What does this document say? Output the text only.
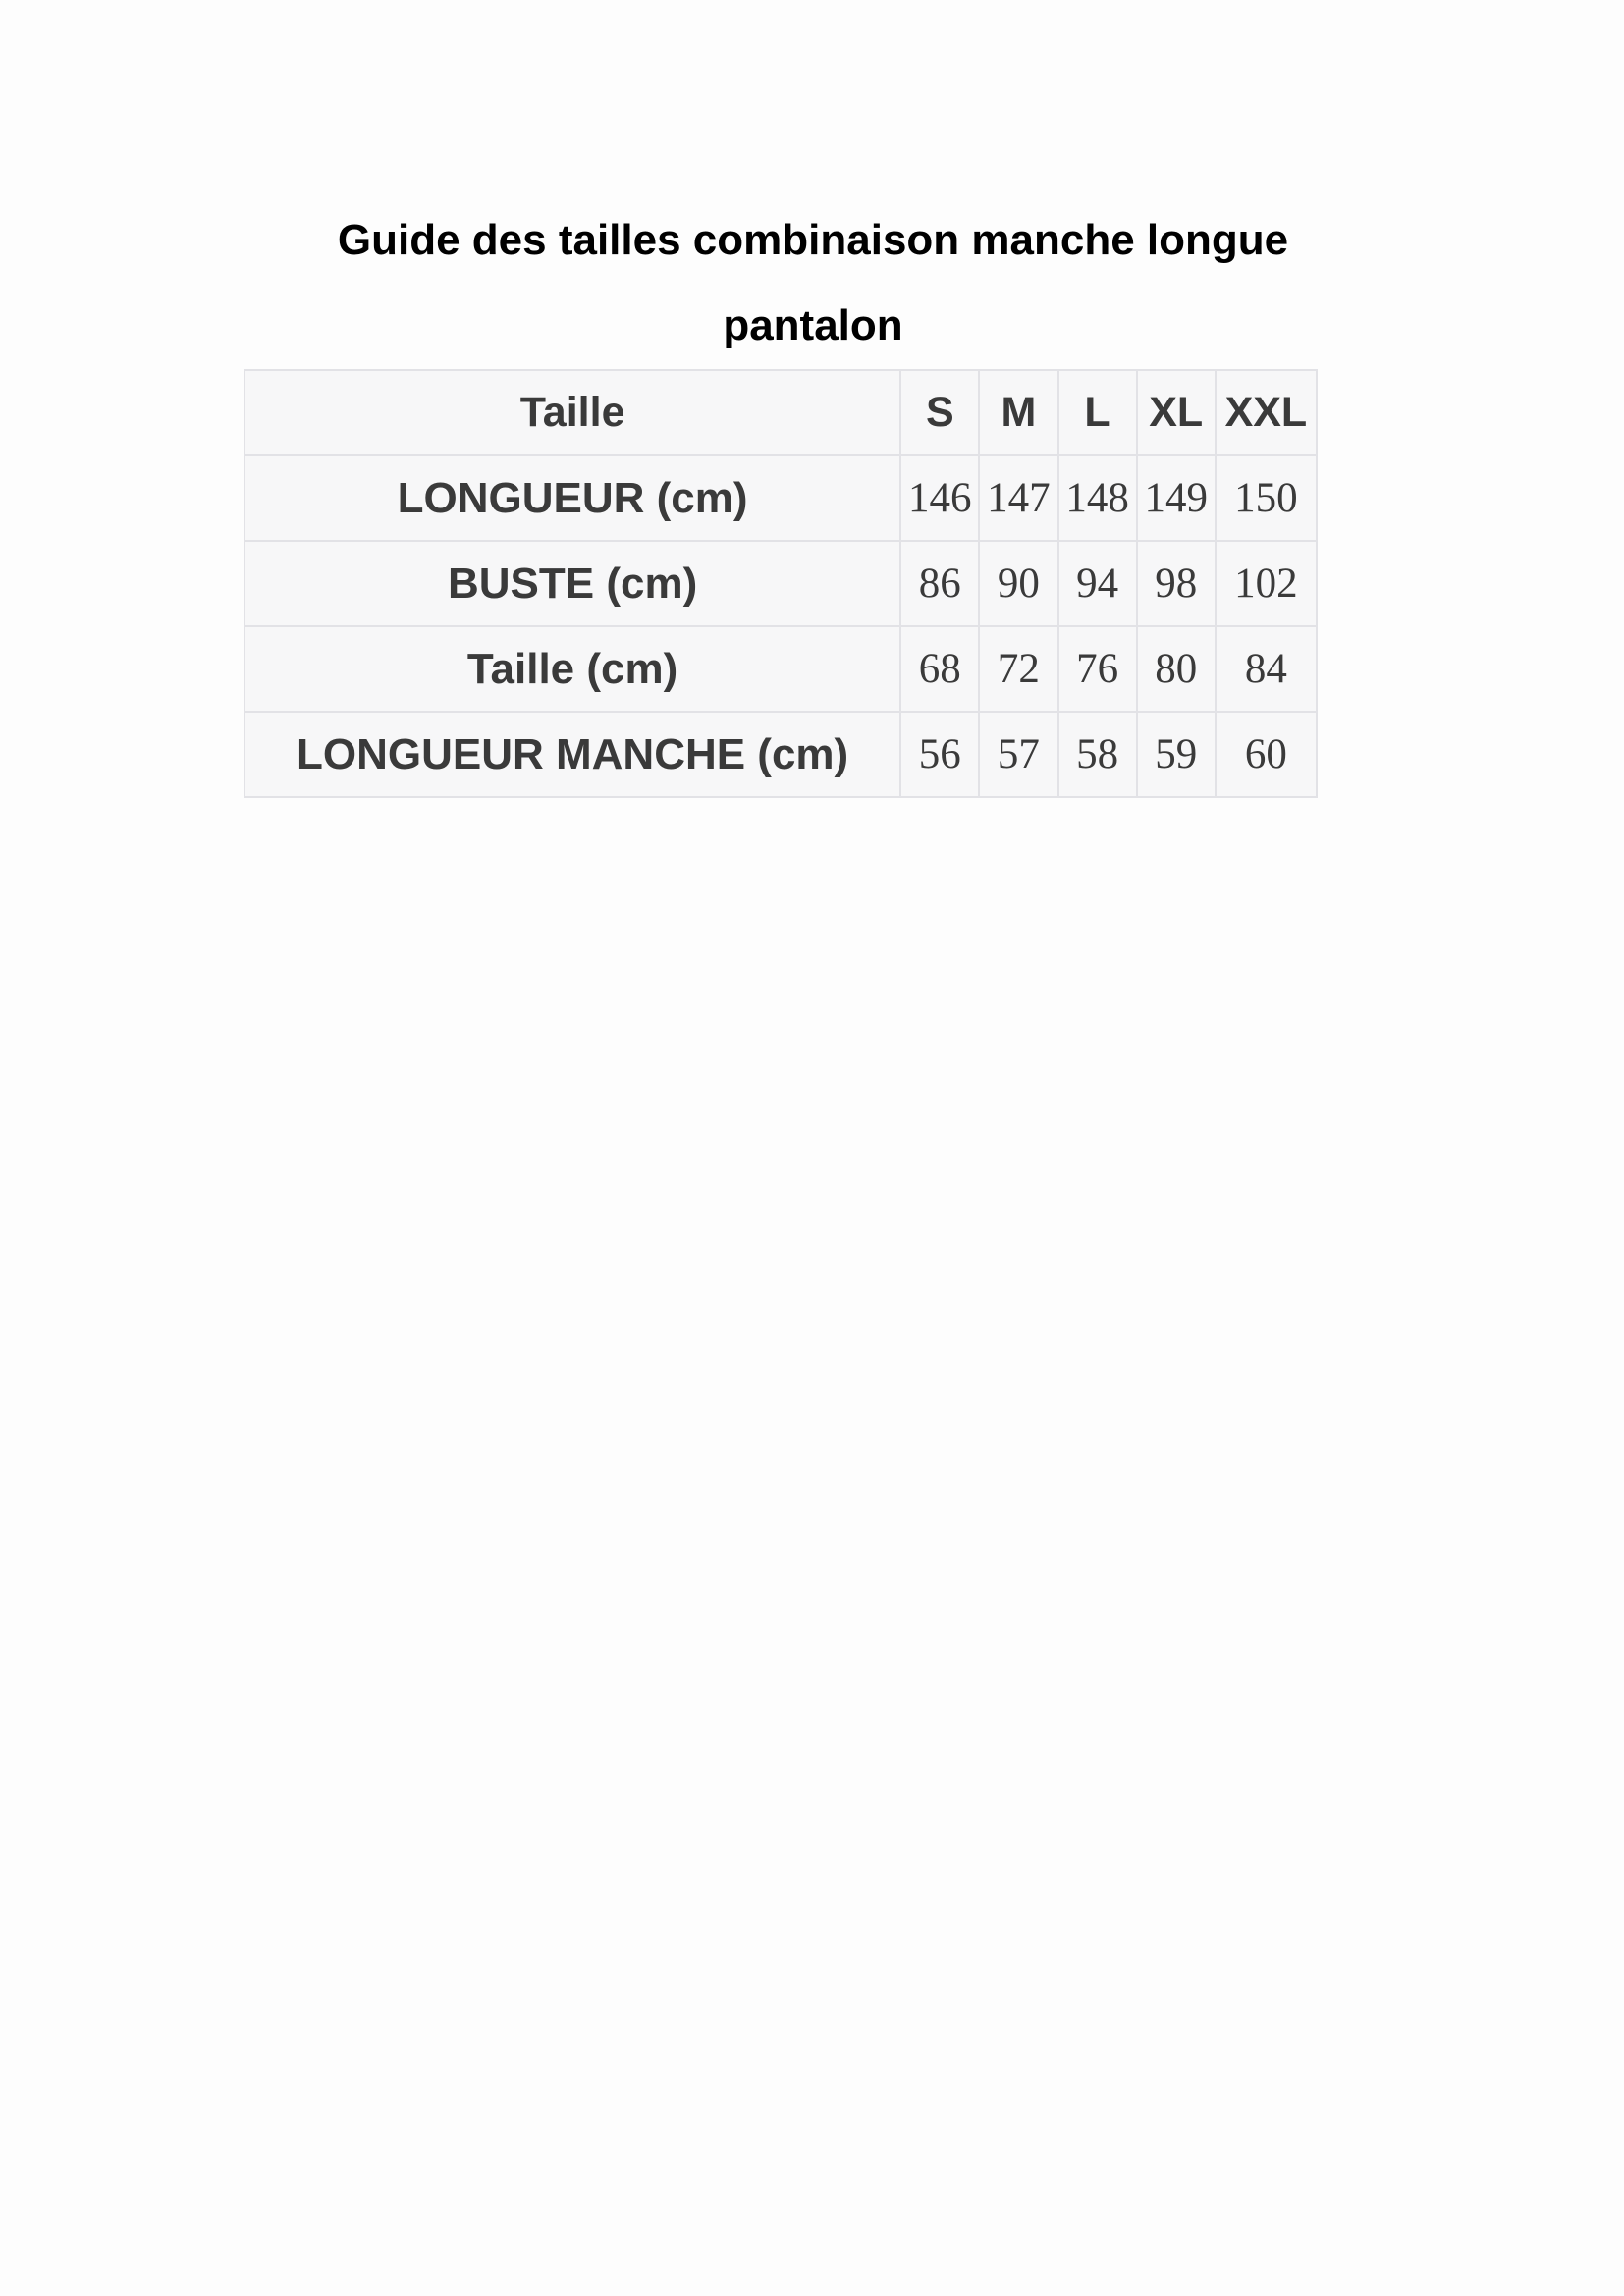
Guide des tailles combinaison manche longue
pantalon
Taille	S	M	L	XL	XXL
LONGUEUR (cm)	146	147	148	149	150
BUSTE (cm)	86	90	94	98	102
Taille (cm)	68	72	76	80	84
LONGUEUR MANCHE (cm)	56	57	58	59	60
